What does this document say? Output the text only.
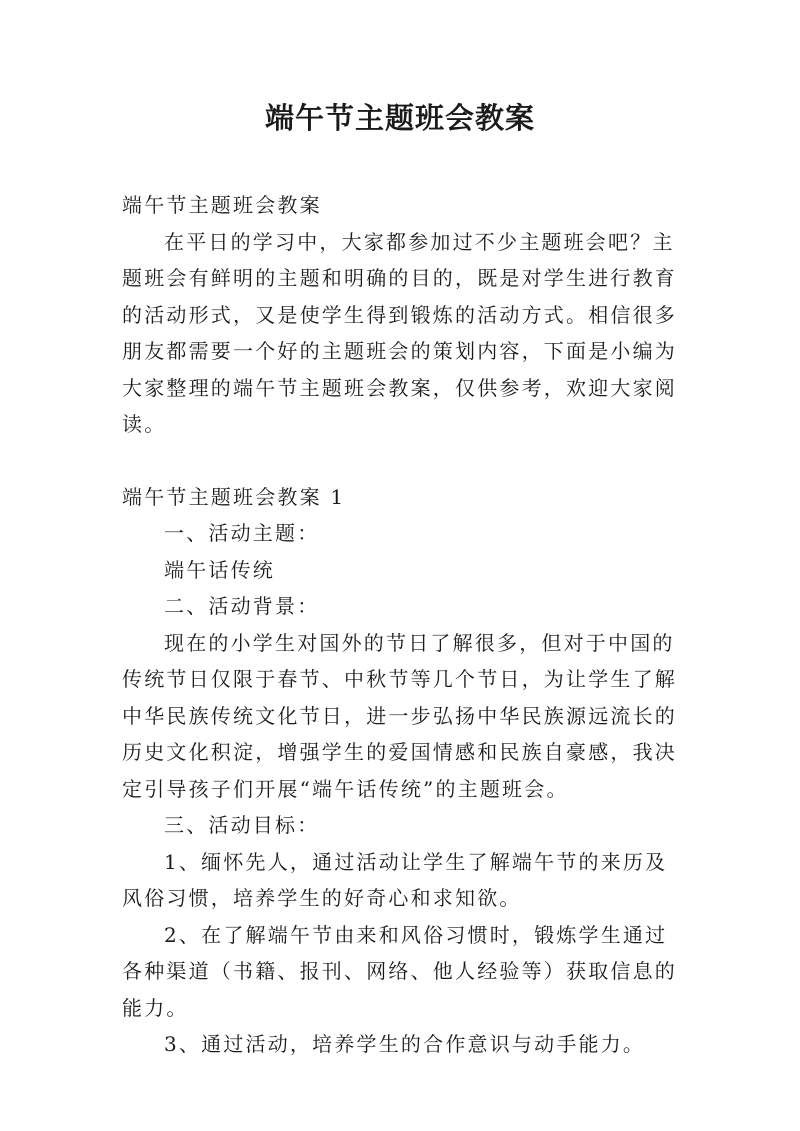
端午节主题班会教案

端午节主题班会教案

在平日的学习中，大家都参加过不少主题班会吧？主题班会有鲜明的主题和明确的目的，既是对学生进行教育的活动形式，又是使学生得到锻炼的活动方式。相信很多朋友都需要一个好的主题班会的策划内容，下面是小编为大家整理的端午节主题班会教案，仅供参考，欢迎大家阅读。

端午节主题班会教案 1

一、活动主题：

端午话传统

二、活动背景：

现在的小学生对国外的节日了解很多，但对于中国的传统节日仅限于春节、中秋节等几个节日，为让学生了解中华民族传统文化节日，进一步弘扬中华民族源远流长的历史文化积淀，增强学生的爱国情感和民族自豪感，我决定引导孩子们开展“端午话传统”的主题班会。

三、活动目标：

1、缅怀先人，通过活动让学生了解端午节的来历及风俗习惯，培养学生的好奇心和求知欲。

2、在了解端午节由来和风俗习惯时，锻炼学生通过各种渠道（书籍、报刊、网络、他人经验等）获取信息的能力。

3、通过活动，培养学生的合作意识与动手能力。
